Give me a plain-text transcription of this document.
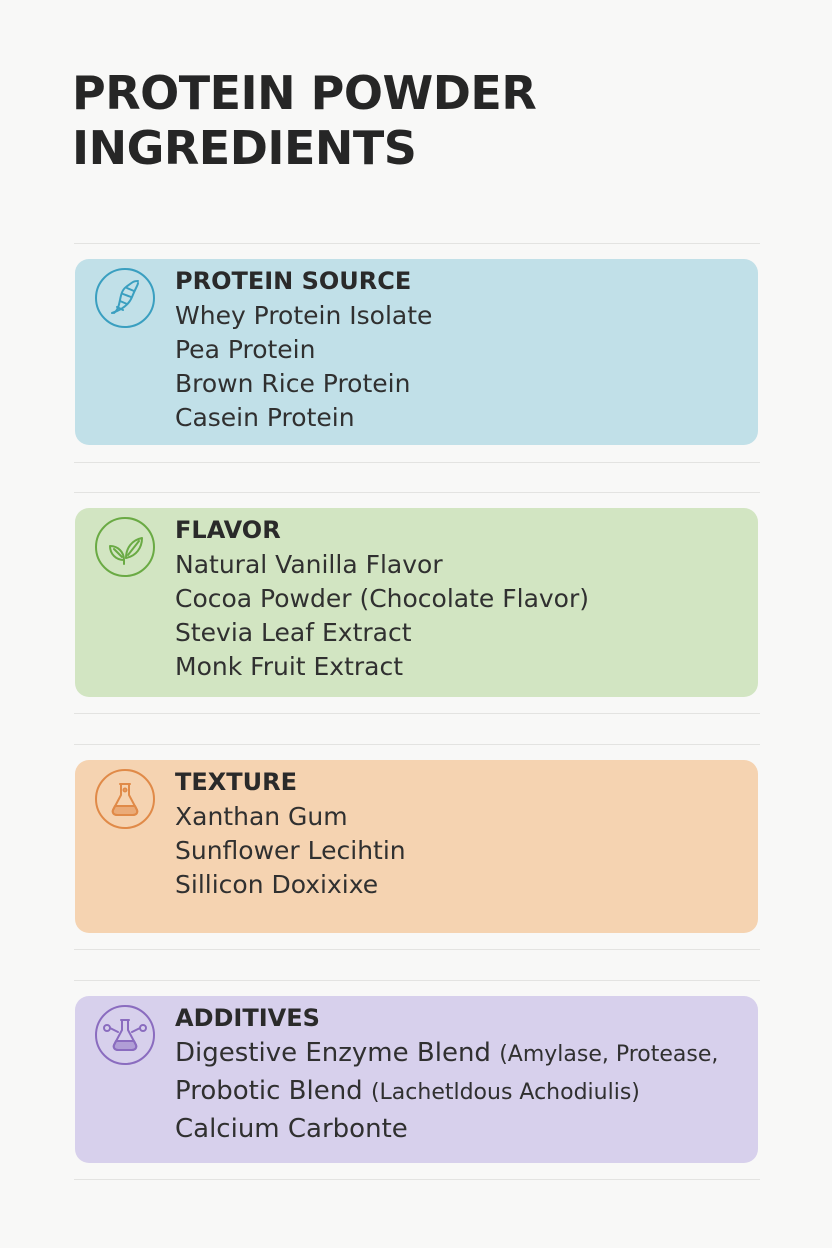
PROTEIN POWDER
INGREDIENTS
PROTEIN SOURCE
Whey Protein Isolate
Pea Protein
Brown Rice Protein
Casein Protein
FLAVOR
Natural Vanilla Flavor
Cocoa Powder (Chocolate Flavor)
Stevia Leaf Extract
Monk Fruit Extract
TEXTURE
Xanthan Gum
Sunflower Lecihtin
Sillicon Doxixixe
ADDITIVES
Digestive Enzyme Blend (Amylase, Protease,
Probotic Blend (Lachetldous Achodiulis)
Calcium Carbonte
